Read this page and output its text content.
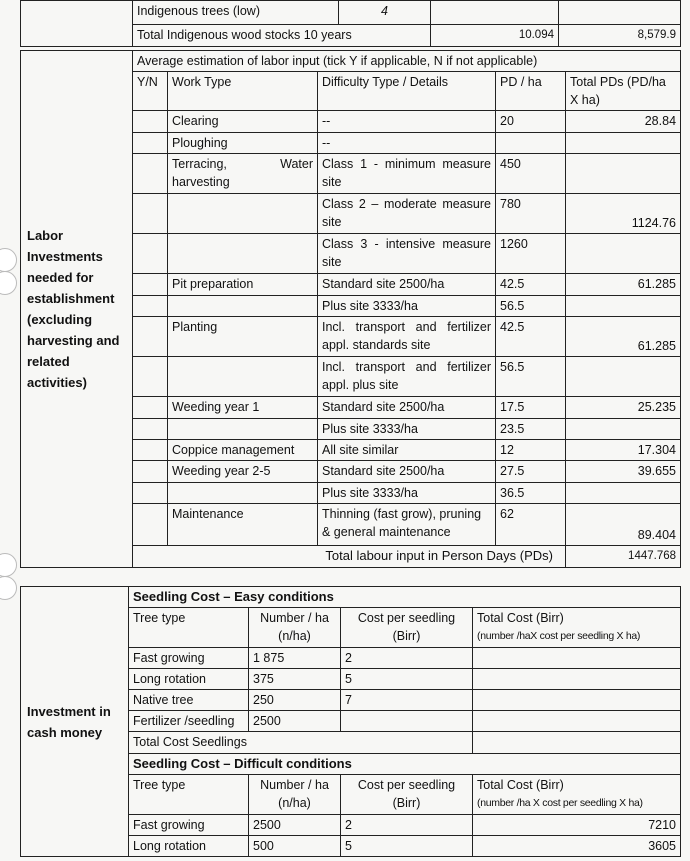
	Indigenous trees (low)	4		
	Total Indigenous wood stocks 10 years		10.094	8,579.9
Labor Investments needed for establishment (excluding harvesting and related activities)	Average estimation of labor input (tick Y if applicable, N if not applicable)				
	Y/N	Work Type	Difficulty Type / Details	PD / ha	Total PDs (PD/ha X ha)
		Clearing	--	20	28.84
		Ploughing	--		
		Terracing, Water harvesting	Class 1 - minimum measure site	450	
			Class 2 – moderate measure site	780	1124.76
			Class 3 - intensive measure site	1260	
		Pit preparation	Standard site 2500/ha	42.5	61.285
			Plus site 3333/ha	56.5	
		Planting	Incl. transport and fertilizer appl. standards site	42.5	61.285
			Incl. transport and fertilizer appl. plus site	56.5	
		Weeding year 1	Standard site 2500/ha	17.5	25.235
			Plus site 3333/ha	23.5	
		Coppice management	All site similar	12	17.304
		Weeding year 2-5	Standard site 2500/ha	27.5	39.655
			Plus site 3333/ha	36.5	
		Maintenance	Thinning (fast grow), pruning & general maintenance	62	89.404
	Total labour input in Person Days (PDs)				1447.768
Investment in cash money	Seedling Cost – Easy conditions			
	Tree type	Number / ha (n/ha)	Cost per seedling (Birr)	Total Cost (Birr)
(number /haX cost per seedling X ha)

	Fast growing	1 875	2	
	Long rotation	375	5	
	Native tree	250	7	
	Fertilizer /seedling	2500		
	Total Cost Seedlings			
	Seedling Cost – Difficult conditions			
	Tree type	Number / ha (n/ha)	Cost per seedling (Birr)	Total Cost (Birr)
(number /ha X cost per seedling X ha)

	Fast growing	2500	2	7210
	Long rotation	500	5	3605
